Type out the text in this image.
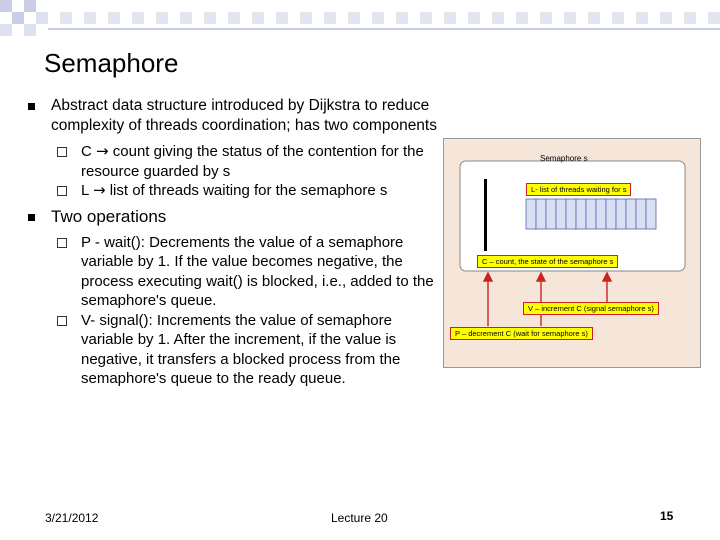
Semaphore
Abstract data structure introduced by Dijkstra to reduce complexity of threads coordination; has two components
C → count giving the status of the contention for the resource guarded by s
L → list of threads waiting for the semaphore s
Two operations
P - wait(): Decrements the value of a semaphore variable by 1. If the value becomes negative, the process executing wait() is blocked, i.e., added to the semaphore's queue.
V- signal(): Increments the value of semaphore variable by 1. After the increment, if the value is negative, it transfers a blocked process from the semaphore's queue to the ready queue.
Semaphore s
L- list of threads waiting for s
C – count, the state of the semaphore s
V – increment C (signal semaphore s)
P – decrement C (wait for semaphore s)
3/21/2012	Lecture 20	15
